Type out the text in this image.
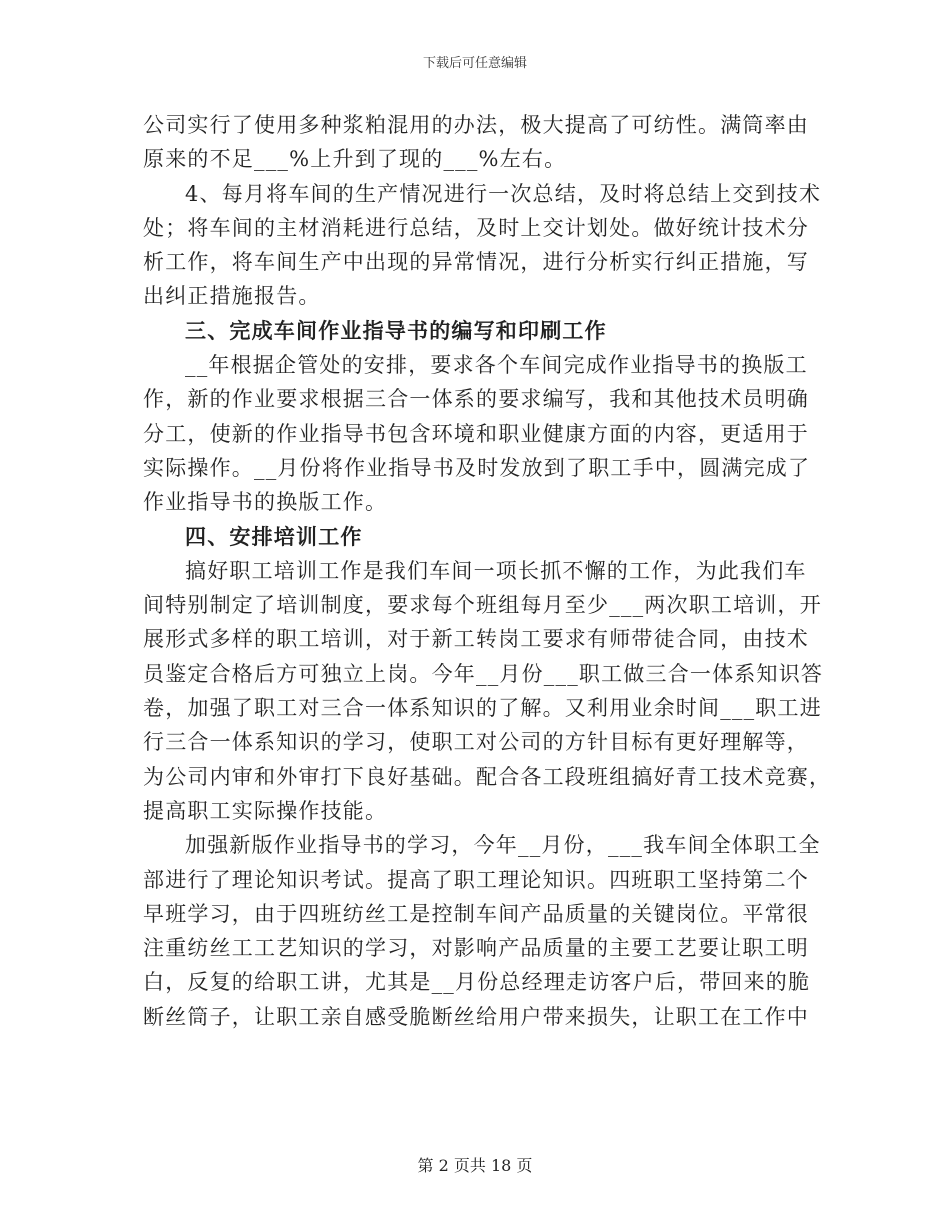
下载后可任意编辑
公司实行了使用多种浆粕混用的办法，极大提高了可纺性。满筒率由
原来的不足___%上升到了现的___%左右。
4、每月将车间的生产情况进行一次总结，及时将总结上交到技术
处；将车间的主材消耗进行总结，及时上交计划处。做好统计技术分
析工作，将车间生产中出现的异常情况，进行分析实行纠正措施，写
出纠正措施报告。
三、完成车间作业指导书的编写和印刷工作
__年根据企管处的安排，要求各个车间完成作业指导书的换版工
作，新的作业要求根据三合一体系的要求编写，我和其他技术员明确
分工，使新的作业指导书包含环境和职业健康方面的内容，更适用于
实际操作。__月份将作业指导书及时发放到了职工手中，圆满完成了
作业指导书的换版工作。
四、安排培训工作
搞好职工培训工作是我们车间一项长抓不懈的工作，为此我们车
间特别制定了培训制度，要求每个班组每月至少___两次职工培训，开
展形式多样的职工培训，对于新工转岗工要求有师带徒合同，由技术
员鉴定合格后方可独立上岗。今年__月份___职工做三合一体系知识答
卷，加强了职工对三合一体系知识的了解。又利用业余时间___职工进
行三合一体系知识的学习，使职工对公司的方针目标有更好理解等，
为公司内审和外审打下良好基础。配合各工段班组搞好青工技术竞赛，
提高职工实际操作技能。
加强新版作业指导书的学习，今年__月份，___我车间全体职工全
部进行了理论知识考试。提高了职工理论知识。四班职工坚持第二个
早班学习，由于四班纺丝工是控制车间产品质量的关键岗位。平常很
注重纺丝工工艺知识的学习，对影响产品质量的主要工艺要让职工明
白，反复的给职工讲，尤其是__月份总经理走访客户后，带回来的脆
断丝筒子，让职工亲自感受脆断丝给用户带来损失，让职工在工作中
第 2 页共 18 页
